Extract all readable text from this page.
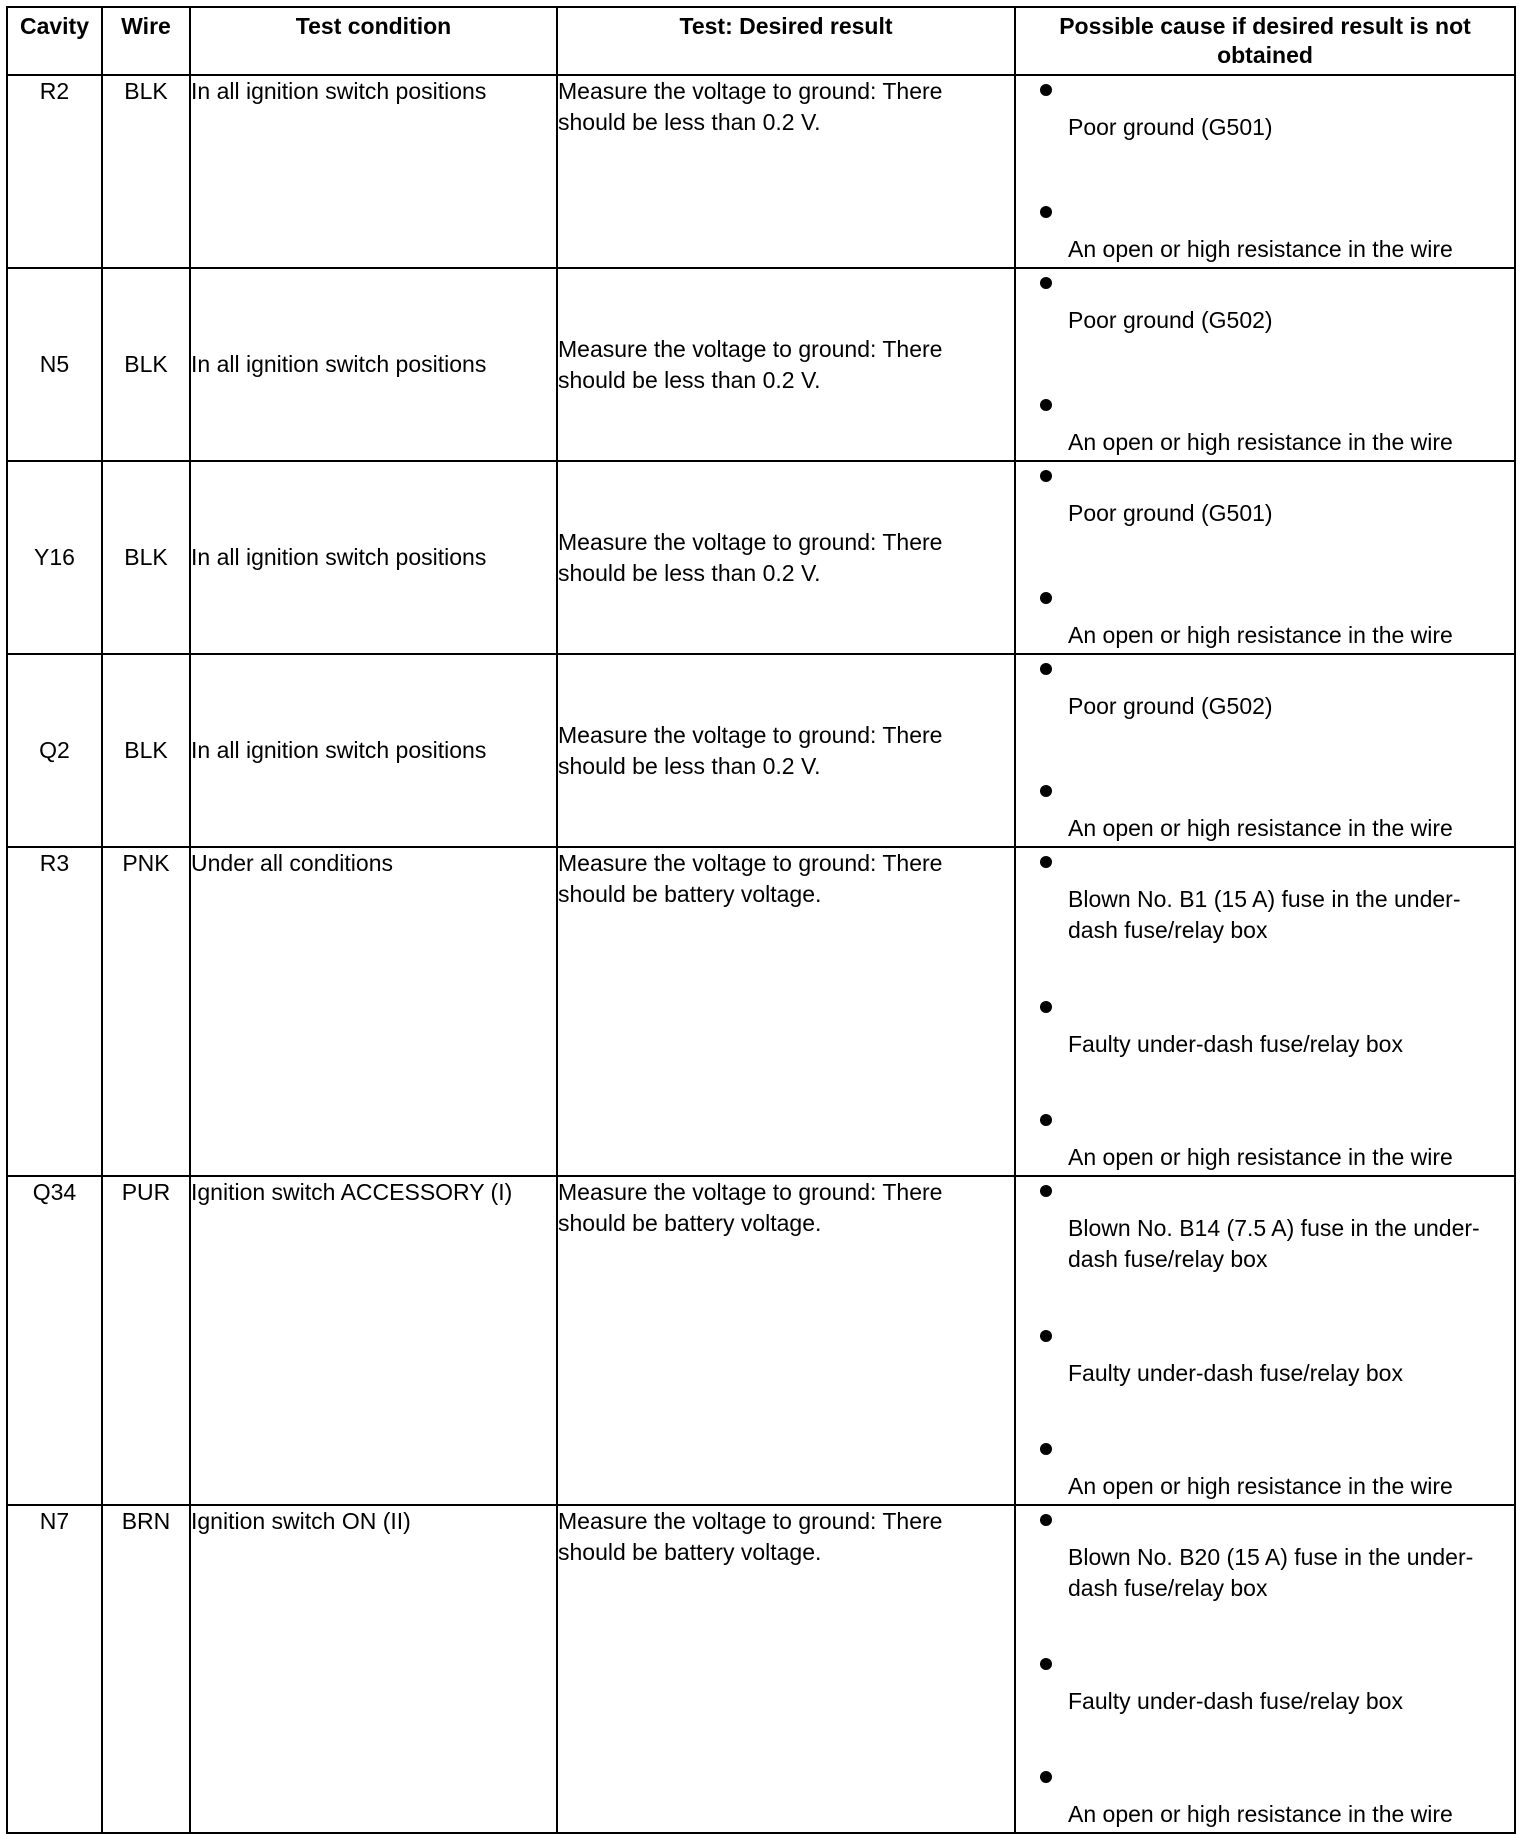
Cavity	Wire	Test condition	Test: Desired result	Possible cause if desired result is not obtained
R2	BLK	In all ignition switch positions	Measure the voltage to ground: There should be less than 0.2 V.	Poor ground (G501)
An open or high resistance in the wire

N5	BLK	In all ignition switch positions	Measure the voltage to ground: There should be less than 0.2 V.	Poor ground (G502)
An open or high resistance in the wire

Y16	BLK	In all ignition switch positions	Measure the voltage to ground: There should be less than 0.2 V.	Poor ground (G501)
An open or high resistance in the wire

Q2	BLK	In all ignition switch positions	Measure the voltage to ground: There should be less than 0.2 V.	Poor ground (G502)
An open or high resistance in the wire

R3	PNK	Under all conditions	Measure the voltage to ground: There should be battery voltage.	Blown No. B1 (15 A) fuse in the under-dash fuse/relay box
Faulty under-dash fuse/relay box
An open or high resistance in the wire

Q34	PUR	Ignition switch ACCESSORY (I)	Measure the voltage to ground: There should be battery voltage.	Blown No. B14 (7.5 A) fuse in the under-dash fuse/relay box
Faulty under-dash fuse/relay box
An open or high resistance in the wire

N7	BRN	Ignition switch ON (II)	Measure the voltage to ground: There should be battery voltage.	Blown No. B20 (15 A) fuse in the under-dash fuse/relay box
Faulty under-dash fuse/relay box
An open or high resistance in the wire
